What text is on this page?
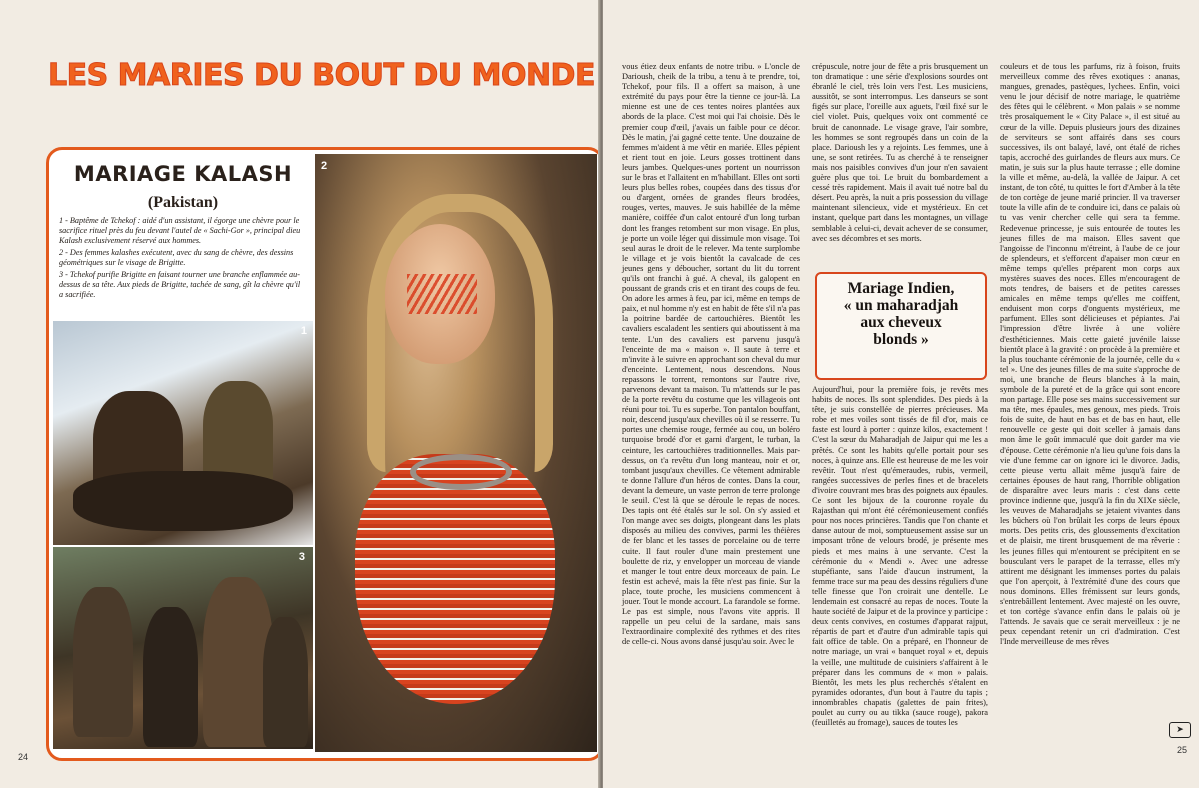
LES MARIES DU BOUT DU MONDE
MARIAGE KALASH
(Pakistan)

1 - Baptême de Tchekof : aidé d'un assistant, il égorge une chèvre pour le sacrifice rituel près du feu devant l'autel de « Sachi-Gor », principal dieu Kalash exclusivement réservé aux hommes.

2 - Des femmes kalashes exécutent, avec du sang de chèvre, des dessins géométriques sur le visage de Brigitte.

3 - Tchekof purifie Brigitte en faisant tourner une branche enflammée au-dessus de sa tête. Aux pieds de Brigitte, tachée de sang, gît la chèvre qu'il a sacrifiée.

1
3
2
24

vous étiez deux enfants de notre tribu. » L'oncle de Darioush, cheik de la tribu, a tenu à te prendre, toi, Tchekof, pour fils. Il a offert sa maison, à une extrémité du pays pour être la tienne ce jour-là. La mienne est une de ces tentes noires plantées aux abords de la place. C'est moi qui l'ai choisie. Dès le premier coup d'œil, j'avais un faible pour ce décor. Dès le matin, j'ai gagné cette tente. Une douzaine de femmes m'aident à me vêtir en mariée. Elles pépient et rient tout en joie. Leurs gosses trottinent dans leurs jambes. Quelques-unes portent un nourrisson sur le bras et l'allaitent en m'habillant. Elles ont sorti leurs plus belles robes, coupées dans des tissus d'or ou d'argent, ornées de grandes fleurs brodées, rouges, vertes, mauves. Je suis habillée de la même manière, coiffée d'un calot entouré d'un long turban dont les franges retombent sur mon visage. En plus, je porte un voile léger qui dissimule mon visage. Toi seul auras le droit de le relever. Ma tente surplombe le village et je vois bientôt la cavalcade de ces jeunes gens y déboucher, sortant du lit du torrent qu'ils ont franchi à gué. A cheval, ils galopent en poussant de grands cris et en tirant des coups de feu. On adore les armes à feu, par ici, même en temps de paix, et nul homme n'y est en habit de fête s'il n'a pas la poitrine bardée de cartouchières. Bientôt les cavaliers escaladent les sentiers qui aboutissent à ma tente. L'un des cavaliers est parvenu jusqu'à l'enceinte de ma « maison ». Il saute à terre et m'invite à le suivre en approchant son cheval du mur d'enceinte. Lentement, nous descendons. Nous repassons le torrent, remontons sur l'autre rive, parvenons devant ta maison. Tu m'attends sur le pas de la porte revêtu du costume que les villageois ont réuni pour toi. Tu es superbe. Ton pantalon bouffant, noir, descend jusqu'aux chevilles où il se resserre. Tu portes une chemise rouge, fermée au cou, un boléro turquoise brodé d'or et garni d'argent, le turban, la ceinture, les cartouchières traditionnelles. Mais par-dessus, on t'a revêtu d'un long manteau, noir et or, tombant jusqu'aux chevilles. Ce vêtement admirable te donne l'allure d'un héros de contes. Dans la cour, devant la demeure, un vaste perron de terre prolonge le seuil. C'est là que se déroule le repas de noces. Des tapis ont été étalés sur le sol. On s'y assied et l'on mange avec ses doigts, plongeant dans les plats disposés au milieu des convives, parmi les théières de fer blanc et les tasses de porcelaine ou de terre cuite. Il faut rouler d'une main prestement une boulette de riz, y envelopper un morceau de viande et manger le tout entre deux morceaux de pain. Le festin est achevé, mais la fête n'est pas finie. Sur la place, toute proche, les musiciens commencent à jouer. Tout le monde accourt. La farandole se forme. Le pas est simple, nous l'avons vite appris. Il rappelle un peu celui de la sardane, mais sans l'extraordinaire complexité des rythmes et des rites de celle-ci. Nous avons dansé jusqu'au soir. Avec le

crépuscule, notre jour de fête a pris brusquement un ton dramatique : une série d'explosions sourdes ont ébranlé le ciel, très loin vers l'est. Les musiciens, aussitôt, se sont interrompus. Les danseurs se sont figés sur place, l'oreille aux aguets, l'œil fixé sur le ciel violet. Puis, quelques voix ont commenté ce bruit de canonnade. Le visage grave, l'air sombre, les hommes se sont regroupés dans un coin de la place. Darioush les y a rejoints. Les femmes, une à une, se sont retirées. Tu as cherché à te renseigner mais nos paisibles convives d'un jour n'en savaient guère plus que toi. Le bruit du bombardement a cessé très rapidement. Mais il avait tué notre bal du désert. Peu après, la nuit a pris possession du village maintenant silencieux, vide et mystérieux. En cet instant, quelque part dans les montagnes, un village semblable à celui-ci, devait achever de se consumer, avec ses décombres et ses morts.

Mariage Indien,
« un maharadjah
aux cheveux
blonds »

Aujourd'hui, pour la première fois, je revêts mes habits de noces. Ils sont splendides. Des pieds à la tête, je suis constellée de pierres précieuses. Ma robe et mes voiles sont tissés de fil d'or, mais ce faste est lourd à porter : quinze kilos, exactement ! C'est la sœur du Maharadjah de Jaipur qui me les a prêtés. Ce sont les habits qu'elle portait pour ses noces, à quinze ans. Elle est heureuse de me les voir revêtir. Tout n'est qu'émeraudes, rubis, vermeil, rangées successives de perles fines et de bracelets d'ivoire couvrant mes bras des poignets aux épaules. Ce sont les bijoux de la couronne royale du Rajasthan qui m'ont été cérémonieusement confiés pour nos noces princières. Tandis que l'on chante et danse autour de moi, somptueusement assise sur un imposant trône de velours brodé, je présente mes pieds et mes mains à une servante. C'est la cérémonie du « Mendi ». Avec une adresse stupéfiante, sans l'aide d'aucun instrument, la femme trace sur ma peau des dessins réguliers d'une telle finesse que l'on croirait une dentelle. Le lendemain est consacré au repas de noces. Toute la haute société de Jaipur et de la province y participe : deux cents convives, en costumes d'apparat rajput, répartis de part et d'autre d'un admirable tapis qui fait office de table. On a préparé, en l'honneur de notre mariage, un vrai « banquet royal » et, depuis la veille, une multitude de cuisiniers s'affairent à le préparer dans les communs de « mon » palais. Bientôt, les mets les plus recherchés s'étalent en pyramides odorantes, d'un bout à l'autre du tapis ; innombrables chapatis (galettes de pain frites), poulet au curry ou au tikka (sauce rouge), pakora (feuilletés au fromage), sauces de toutes les

couleurs et de tous les parfums, riz à foison, fruits merveilleux comme des rêves exotiques : ananas, mangues, grenades, pastèques, lychees. Enfin, voici venu le jour décisif de notre mariage, le quatrième des fêtes qui le célèbrent. « Mon palais » se nomme très prosaïquement le « City Palace », il est situé au cœur de la ville. Depuis plusieurs jours des dizaines de serviteurs se sont affairés dans ses cours successives, ils ont balayé, lavé, ont étalé de riches tapis, accroché des guirlandes de fleurs aux murs. Ce matin, je suis sur la plus haute terrasse ; elle domine la ville et même, au-delà, la vallée de Jaipur. A cet instant, de ton côté, tu quittes le fort d'Amber à la tête de ton cortège de jeune marié princier. Il va traverser toute la ville afin de te conduire ici, dans ce palais où tu vas venir chercher celle qui sera ta femme. Redevenue princesse, je suis entourée de toutes les jeunes filles de ma maison. Elles savent que l'angoisse de l'inconnu m'étreint, à l'aube de ce jour de splendeurs, et s'efforcent d'apaiser mon cœur en même temps qu'elles préparent mon corps aux mystères suaves des noces. Elles m'encouragent de mots tendres, de baisers et de petites caresses amicales en même temps qu'elles me coiffent, enduisent mon corps d'onguents mystérieux, me parfument. Elles sont délicieuses et pépiantes. J'ai l'impression d'être livrée à une volière d'esthéticiennes. Mais cette gaieté juvénile laisse bientôt place à la gravité : on procède à la première et la plus touchante cérémonie de la journée, celle du « tel ». Une des jeunes filles de ma suite s'approche de moi, une branche de fleurs blanches à la main, symbole de la pureté et de la grâce qui sont encore mon partage. Elle pose ses mains successivement sur ma tête, mes épaules, mes genoux, mes pieds. Trois fois de suite, de haut en bas et de bas en haut, elle renouvelle ce geste qui doit sceller à jamais dans mon âme le goût immaculé que doit garder ma vie d'épouse. Cette cérémonie n'a lieu qu'une fois dans la vie d'une femme car on ignore ici le divorce. Jadis, cette pieuse vertu allait même jusqu'à faire de certaines épouses de haut rang, l'horrible obligation de disparaître avec leurs maris : c'est dans cette province indienne que, jusqu'à la fin du XIXe siècle, les veuves de Maharadjahs se jetaient vivantes dans les bûchers où l'on brûlait les corps de leurs époux morts. Des petits cris, des gloussements d'excitation et de plaisir, me tirent brusquement de ma rêverie : les jeunes filles qui m'entourent se précipitent en se bousculant vers le parapet de la terrasse, elles m'y attirent me désignant les immenses portes du palais que l'on aperçoit, à l'extrémité d'une des cours que nous dominons. Elles frémissent sur leurs gonds, s'entrebâillent lentement. Avec majesté on les ouvre, et ton cortège s'avance enfin dans le palais où je l'attends. Je savais que ce serait merveilleux : je ne peux cependant retenir un cri d'admiration. C'est l'Inde merveilleuse de mes rêves

➤
25
